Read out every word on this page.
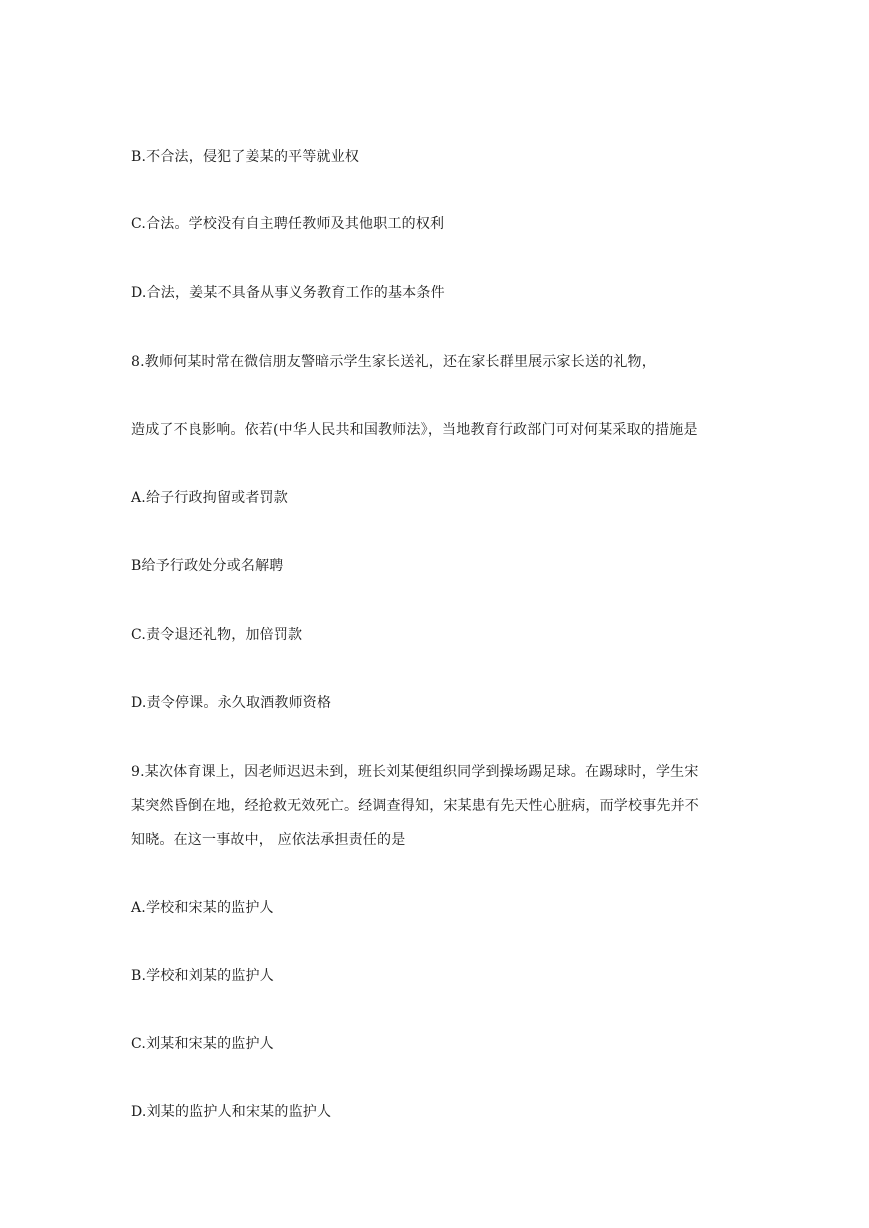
B.不合法，侵犯了姜某的平等就业权
C.合法。学校没有自主聘任教师及其他职工的权利
D.合法，姜某不具备从事义务教育工作的基本条件
8.教师何某时常在微信朋友警暗示学生家长送礼，还在家长群里展示家长送的礼物，
造成了不良影响。依若(中华人民共和国教师法》，当地教育行政部门可对何某采取的措施是
A.给子行政拘留或者罚款
B给予行政处分或名解聘
C.责令退还礼物，加倍罚款
D.责令停课。永久取酒教师资格
9.某次体育课上，因老师迟迟未到，班长刘某便组织同学到操场踢足球。在踢球时，学生宋
某突然昏倒在地，经抢救无效死亡。经调查得知，宋某患有先天性心脏病，而学校事先并不
知晓。在这一事故中， 应依法承担责任的是
A.学校和宋某的监护人
B.学校和刘某的监护人
C.刘某和宋某的监护人
D.刘某的监护人和宋某的监护人
